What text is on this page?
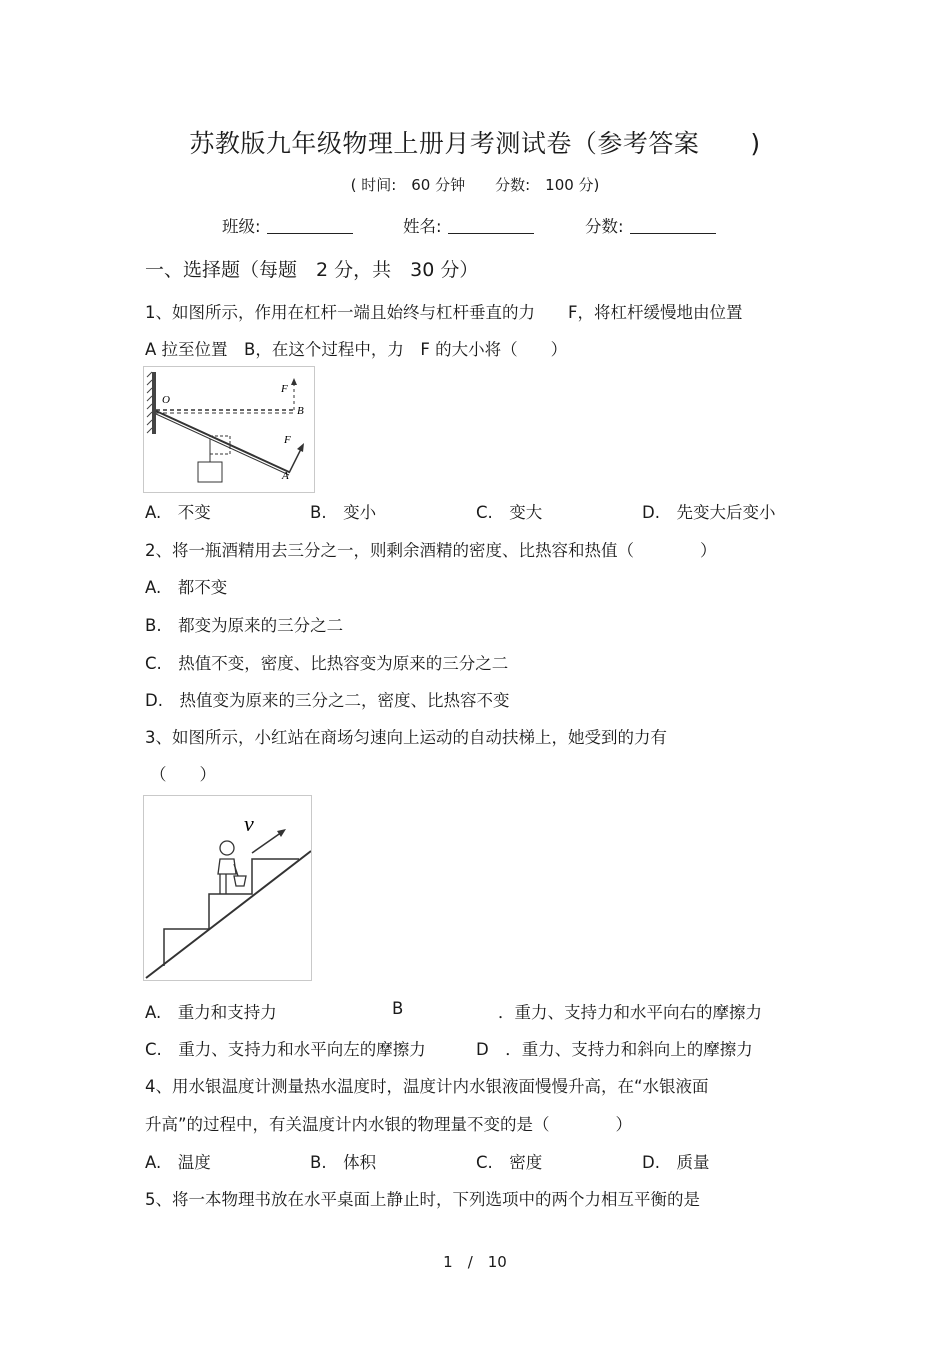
苏教版九年级物理上册月考测试卷（参考答案　　)
( 时间:　60 分钟　　分数:　100 分)
班级:	姓名:	分数:
一、选择题（每题　2 分，共　30 分）
1、如图所示，作用在杠杆一端且始终与杠杆垂直的力　　F，将杠杆缓慢地由位置
A 拉至位置　B，在这个过程中，力　F 的大小将（　　）
O
B
A
F
F
A.　不变	B.　变小	C.　变大	D.　先变大后变小
2、将一瓶酒精用去三分之一，则剩余酒精的密度、比热容和热值（　　　　）
A.　都不变
B.　都变为原来的三分之二
C.　热值不变，密度、比热容变为原来的三分之二
D.　热值变为原来的三分之二，密度、比热容不变
3、如图所示，小红站在商场匀速向上运动的自动扶梯上，她受到的力有
（　　）
v
A.　重力和支持力	B	．重力、支持力和水平向右的摩擦力
C.　重力、支持力和水平向左的摩擦力	D　．重力、支持力和斜向上的摩擦力
4、用水银温度计测量热水温度时，温度计内水银液面慢慢升高，在“水银液面
升高”的过程中，有关温度计内水银的物理量不变的是（　　　　）
A.　温度	B.　体积	C.　密度	D.　质量
5、将一本物理书放在水平桌面上静止时，下列选项中的两个力相互平衡的是
1　/　10
